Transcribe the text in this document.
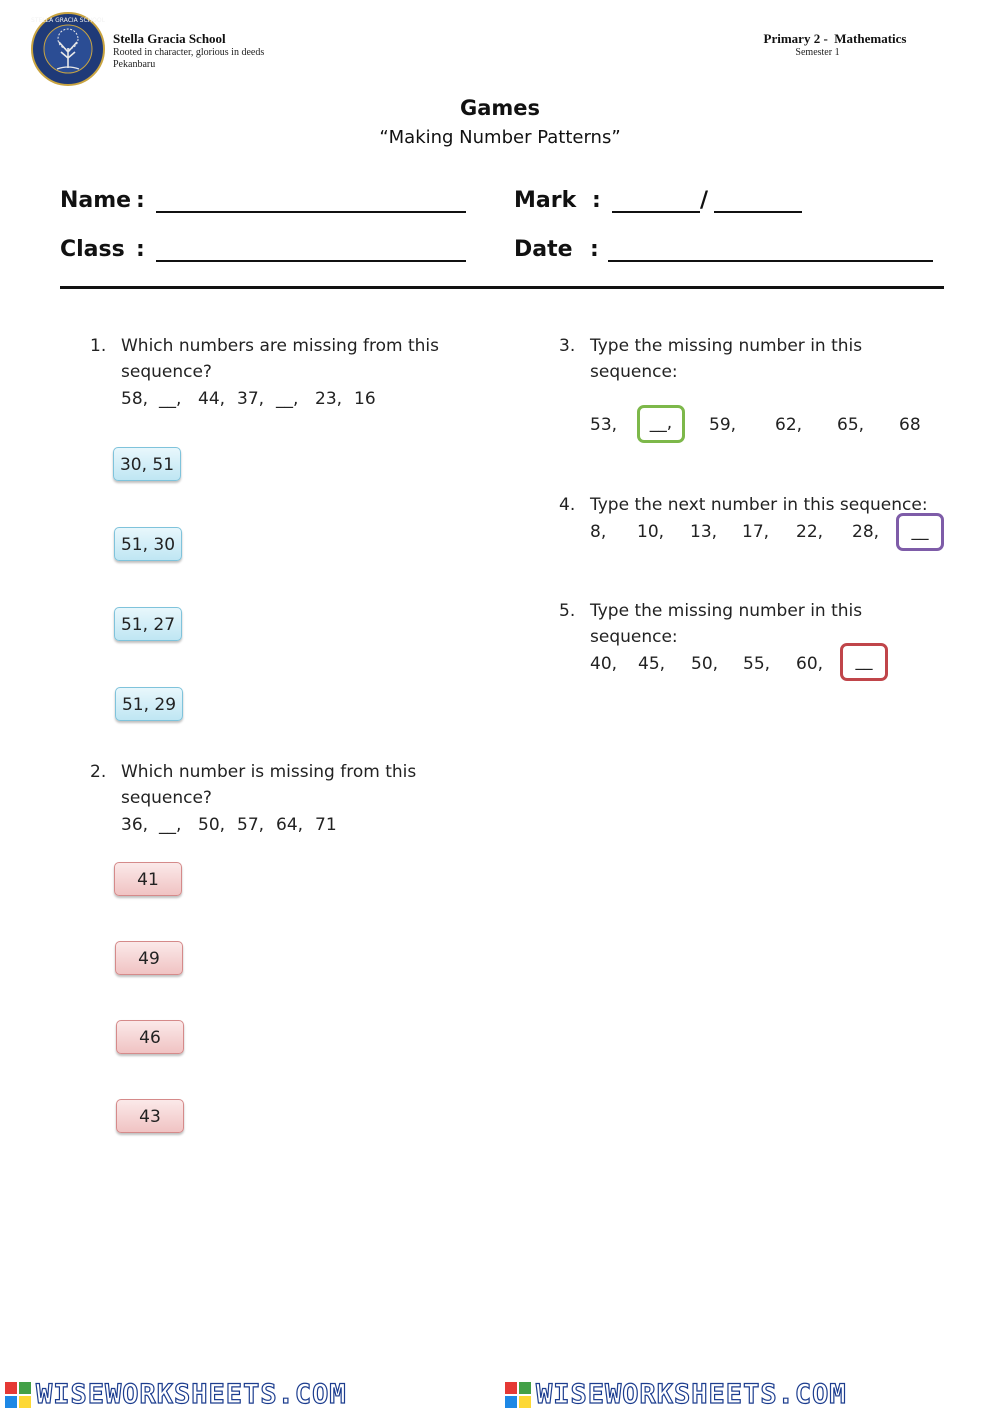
STELLA GRACIA SCHOOL
Stella Gracia School
Rooted in character, glorious in deeds
Pekanbaru
Primary 2 -  Mathematics
Semester 1
Games
“Making Number Patterns”
Name :
Class :
Mark :	/
Date :
1. Which numbers are missing from this
sequence?
58, __, 44, 37, __, 23, 16
30, 51
51, 30
51, 27
51, 29
2. Which number is missing from this
sequence?
36, __, 50, 57, 64, 71
41
49
46
43
3. Type the missing number in this
sequence:
53,	59, 62, 65, 68
__,
4. Type the next number in this sequence:
8, 10, 13, 17, 22, 28,	__
5. Type the missing number in this
sequence:
40, 45, 50, 55, 60,	__
WISEWORKSHEETS.COM	WISEWORKSHEETS.COM
